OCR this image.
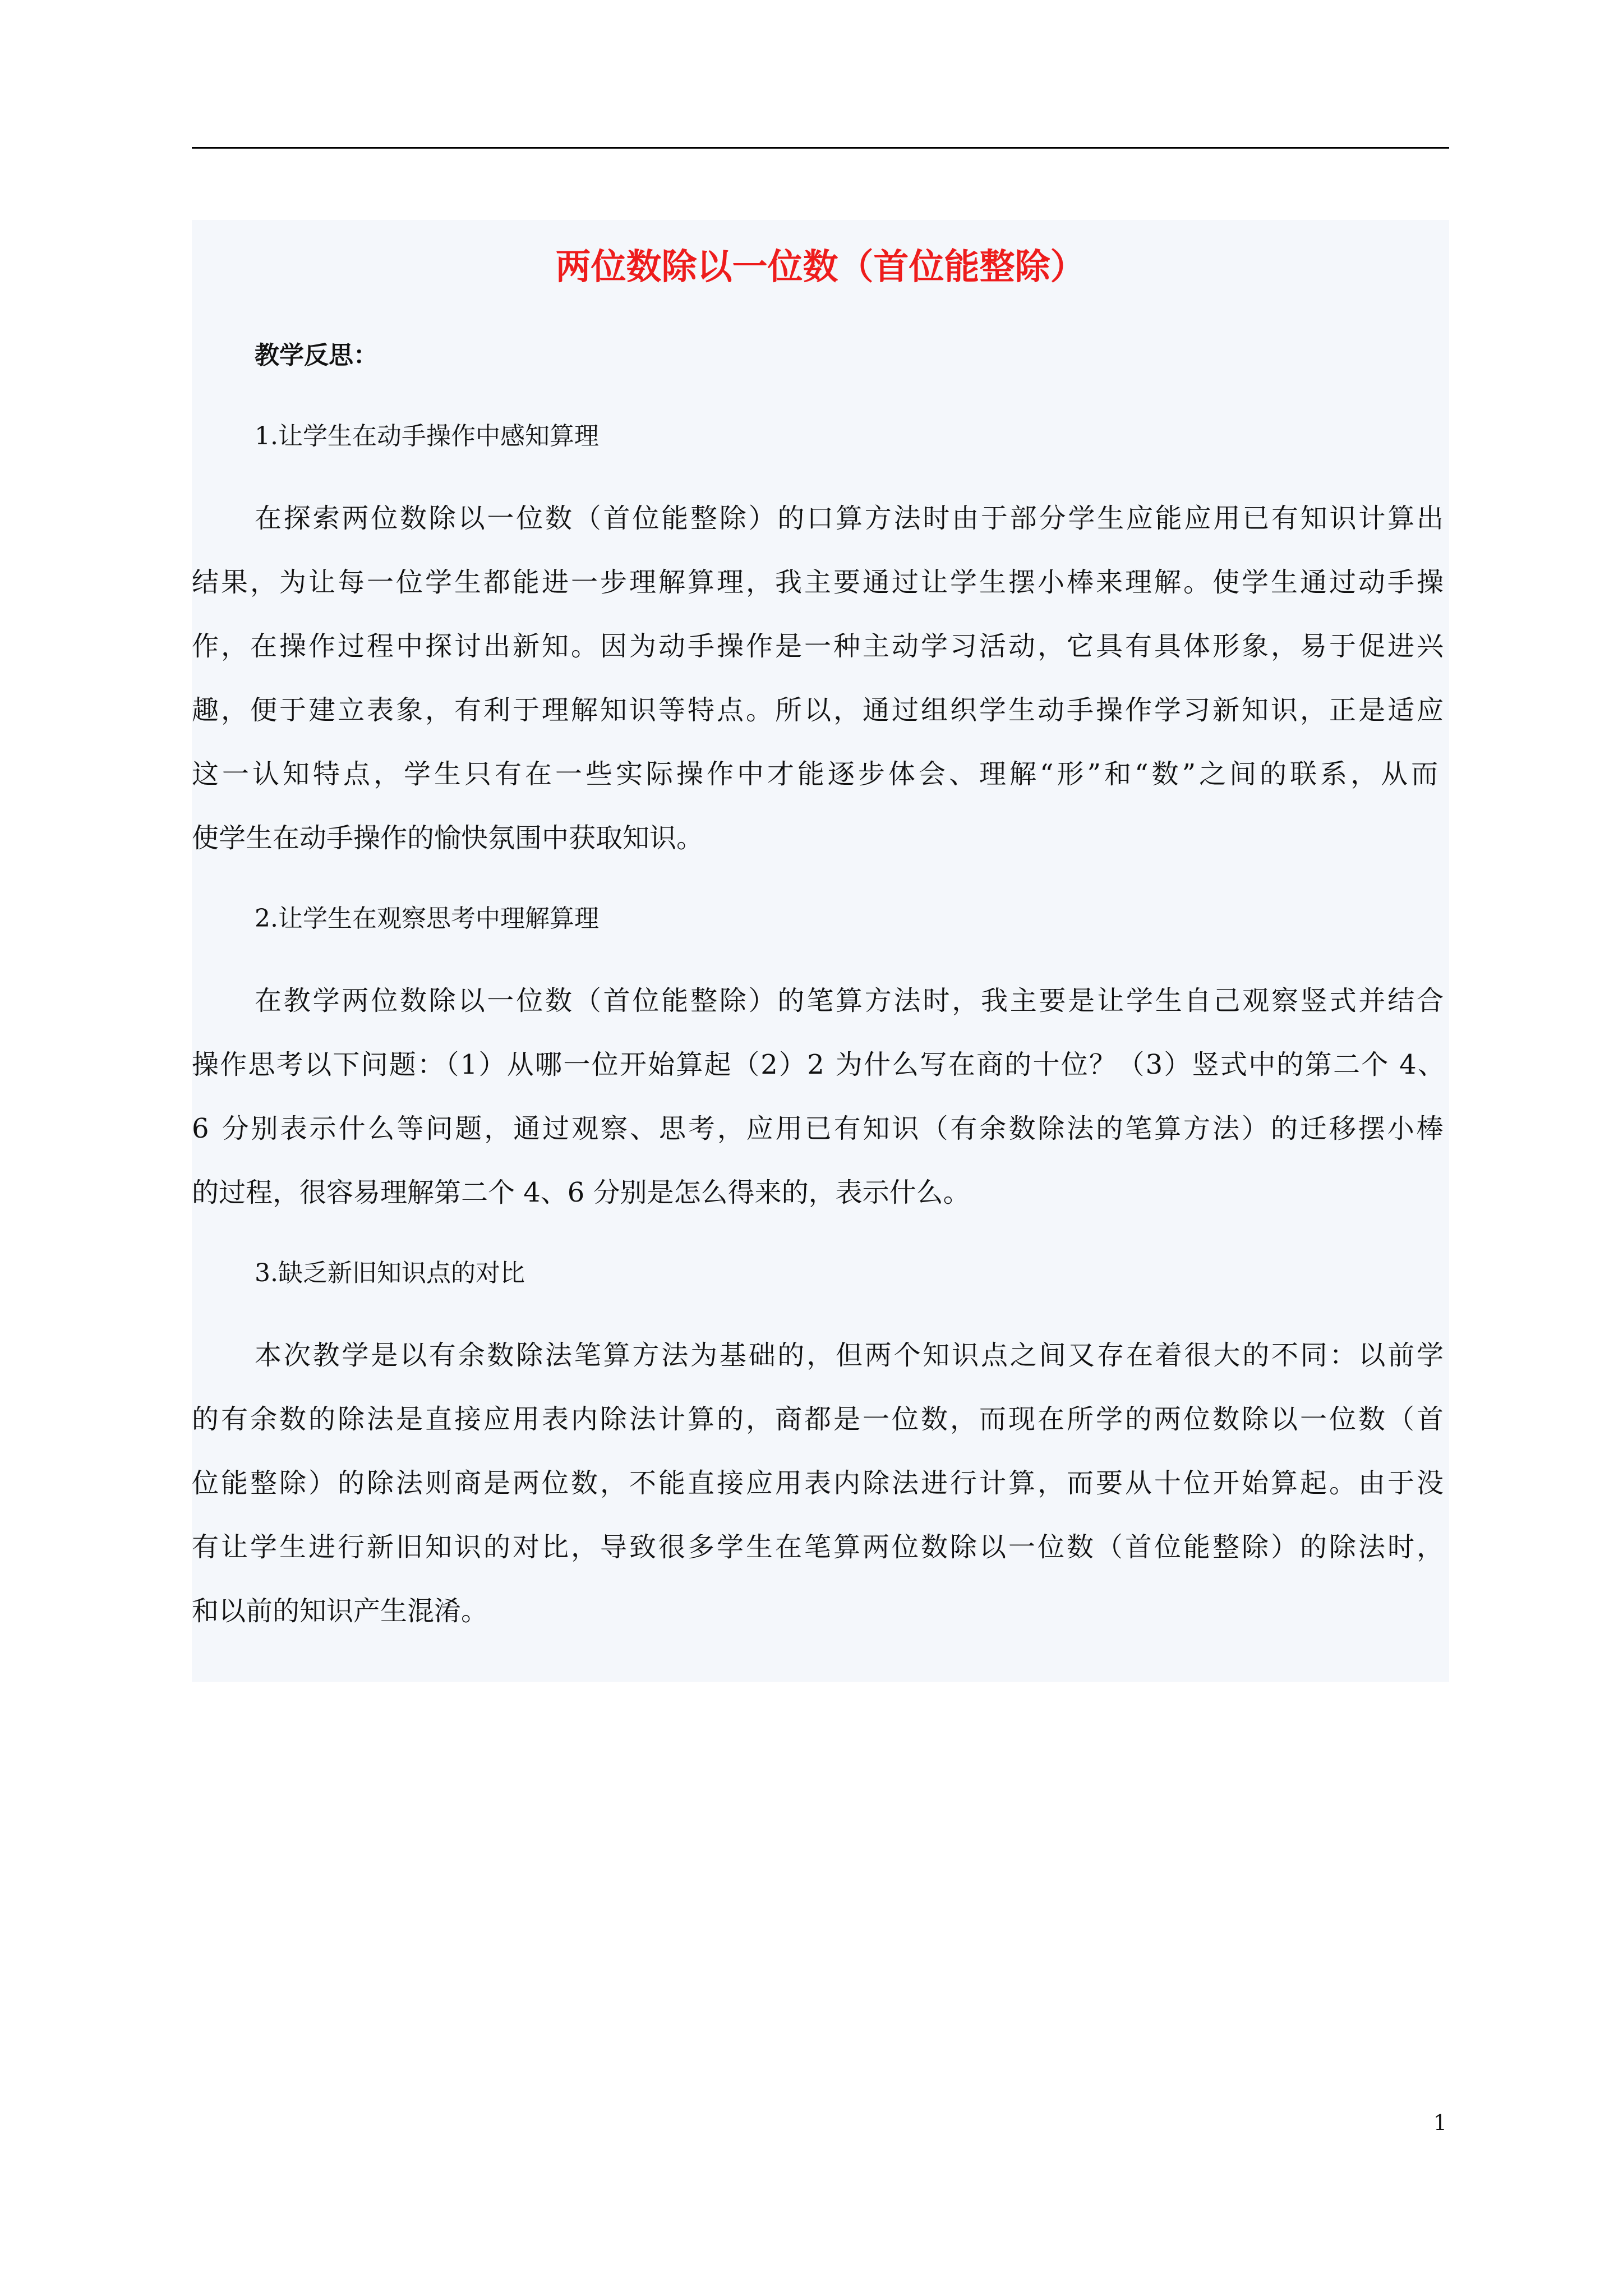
两位数除以一位数（首位能整除）
教学反思：
1.让学生在动手操作中感知算理
在探索两位数除以一位数（首位能整除）的口算方法时由于部分学生应能应用已有知识计算出
结果，为让每一位学生都能进一步理解算理，我主要通过让学生摆小棒来理解。使学生通过动手操
作，在操作过程中探讨出新知。因为动手操作是一种主动学习活动，它具有具体形象，易于促进兴
趣，便于建立表象，有利于理解知识等特点。所以，通过组织学生动手操作学习新知识，正是适应
这一认知特点，学生只有在一些实际操作中才能逐步体会、理解“形”和“数”之间的联系，从而
使学生在动手操作的愉快氛围中获取知识。
2.让学生在观察思考中理解算理
在教学两位数除以一位数（首位能整除）的笔算方法时，我主要是让学生自己观察竖式并结合
操作思考以下问题：（1）从哪一位开始算起（2）2 为什么写在商的十位？（3）竖式中的第二个 4、
6 分别表示什么等问题，通过观察、思考，应用已有知识（有余数除法的笔算方法）的迁移摆小棒
的过程，很容易理解第二个 4、6 分别是怎么得来的，表示什么。
3.缺乏新旧知识点的对比
本次教学是以有余数除法笔算方法为基础的，但两个知识点之间又存在着很大的不同：以前学
的有余数的除法是直接应用表内除法计算的，商都是一位数，而现在所学的两位数除以一位数（首
位能整除）的除法则商是两位数，不能直接应用表内除法进行计算，而要从十位开始算起。由于没
有让学生进行新旧知识的对比，导致很多学生在笔算两位数除以一位数（首位能整除）的除法时，
和以前的知识产生混淆。
1
